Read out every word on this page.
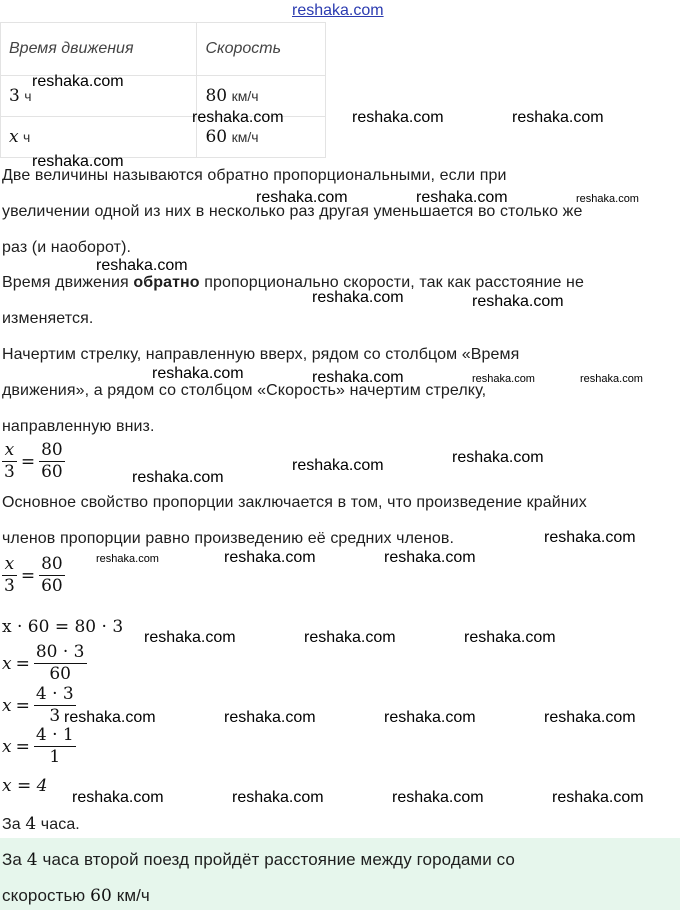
reshaka.com
Время движения	Скорость
3 ч	80 км/ч
x ч	60 км/ч
Две величины называются обратно пропорциональными, если при
увеличении одной из них в несколько раз другая уменьшается во столько же
раз (и наоборот).
Время движения обратно пропорционально скорости, так как расстояние не
изменяется.
Начертим стрелку, направленную вверх, рядом со столбцом «Время
движения», а рядом со столбцом «Скорость» начертим стрелку,
направленную вниз.
$\frac{x}{3} = \frac{80}{60}$
Основное свойство пропорции заключается в том, что произведение крайних
членов пропорции равно произведению её средних членов.
$\frac{x}{3} = \frac{80}{60}$
x · 60 = 80 · 3
$x = \frac{80 \cdot 3}{60}$
$x = \frac{4 \cdot 3}{3}$
$x = \frac{4 \cdot 1}{1}$
x = 4
За 4 часа.
За 4 часа второй поезд пройдёт расстояние между городами со
скоростью 60 км/ч
reshaka.com
reshaka.com	reshaka.com	reshaka.com
reshaka.com
reshaka.com	reshaka.com	reshaka.com
reshaka.com
reshaka.com	reshaka.com
reshaka.com	reshaka.com	reshaka.com	reshaka.com
reshaka.com
reshaka.com
reshaka.com
reshaka.com
reshaka.com	reshaka.com	reshaka.com
reshaka.com	reshaka.com	reshaka.com
reshaka.com	reshaka.com	reshaka.com	reshaka.com
reshaka.com	reshaka.com	reshaka.com	reshaka.com
